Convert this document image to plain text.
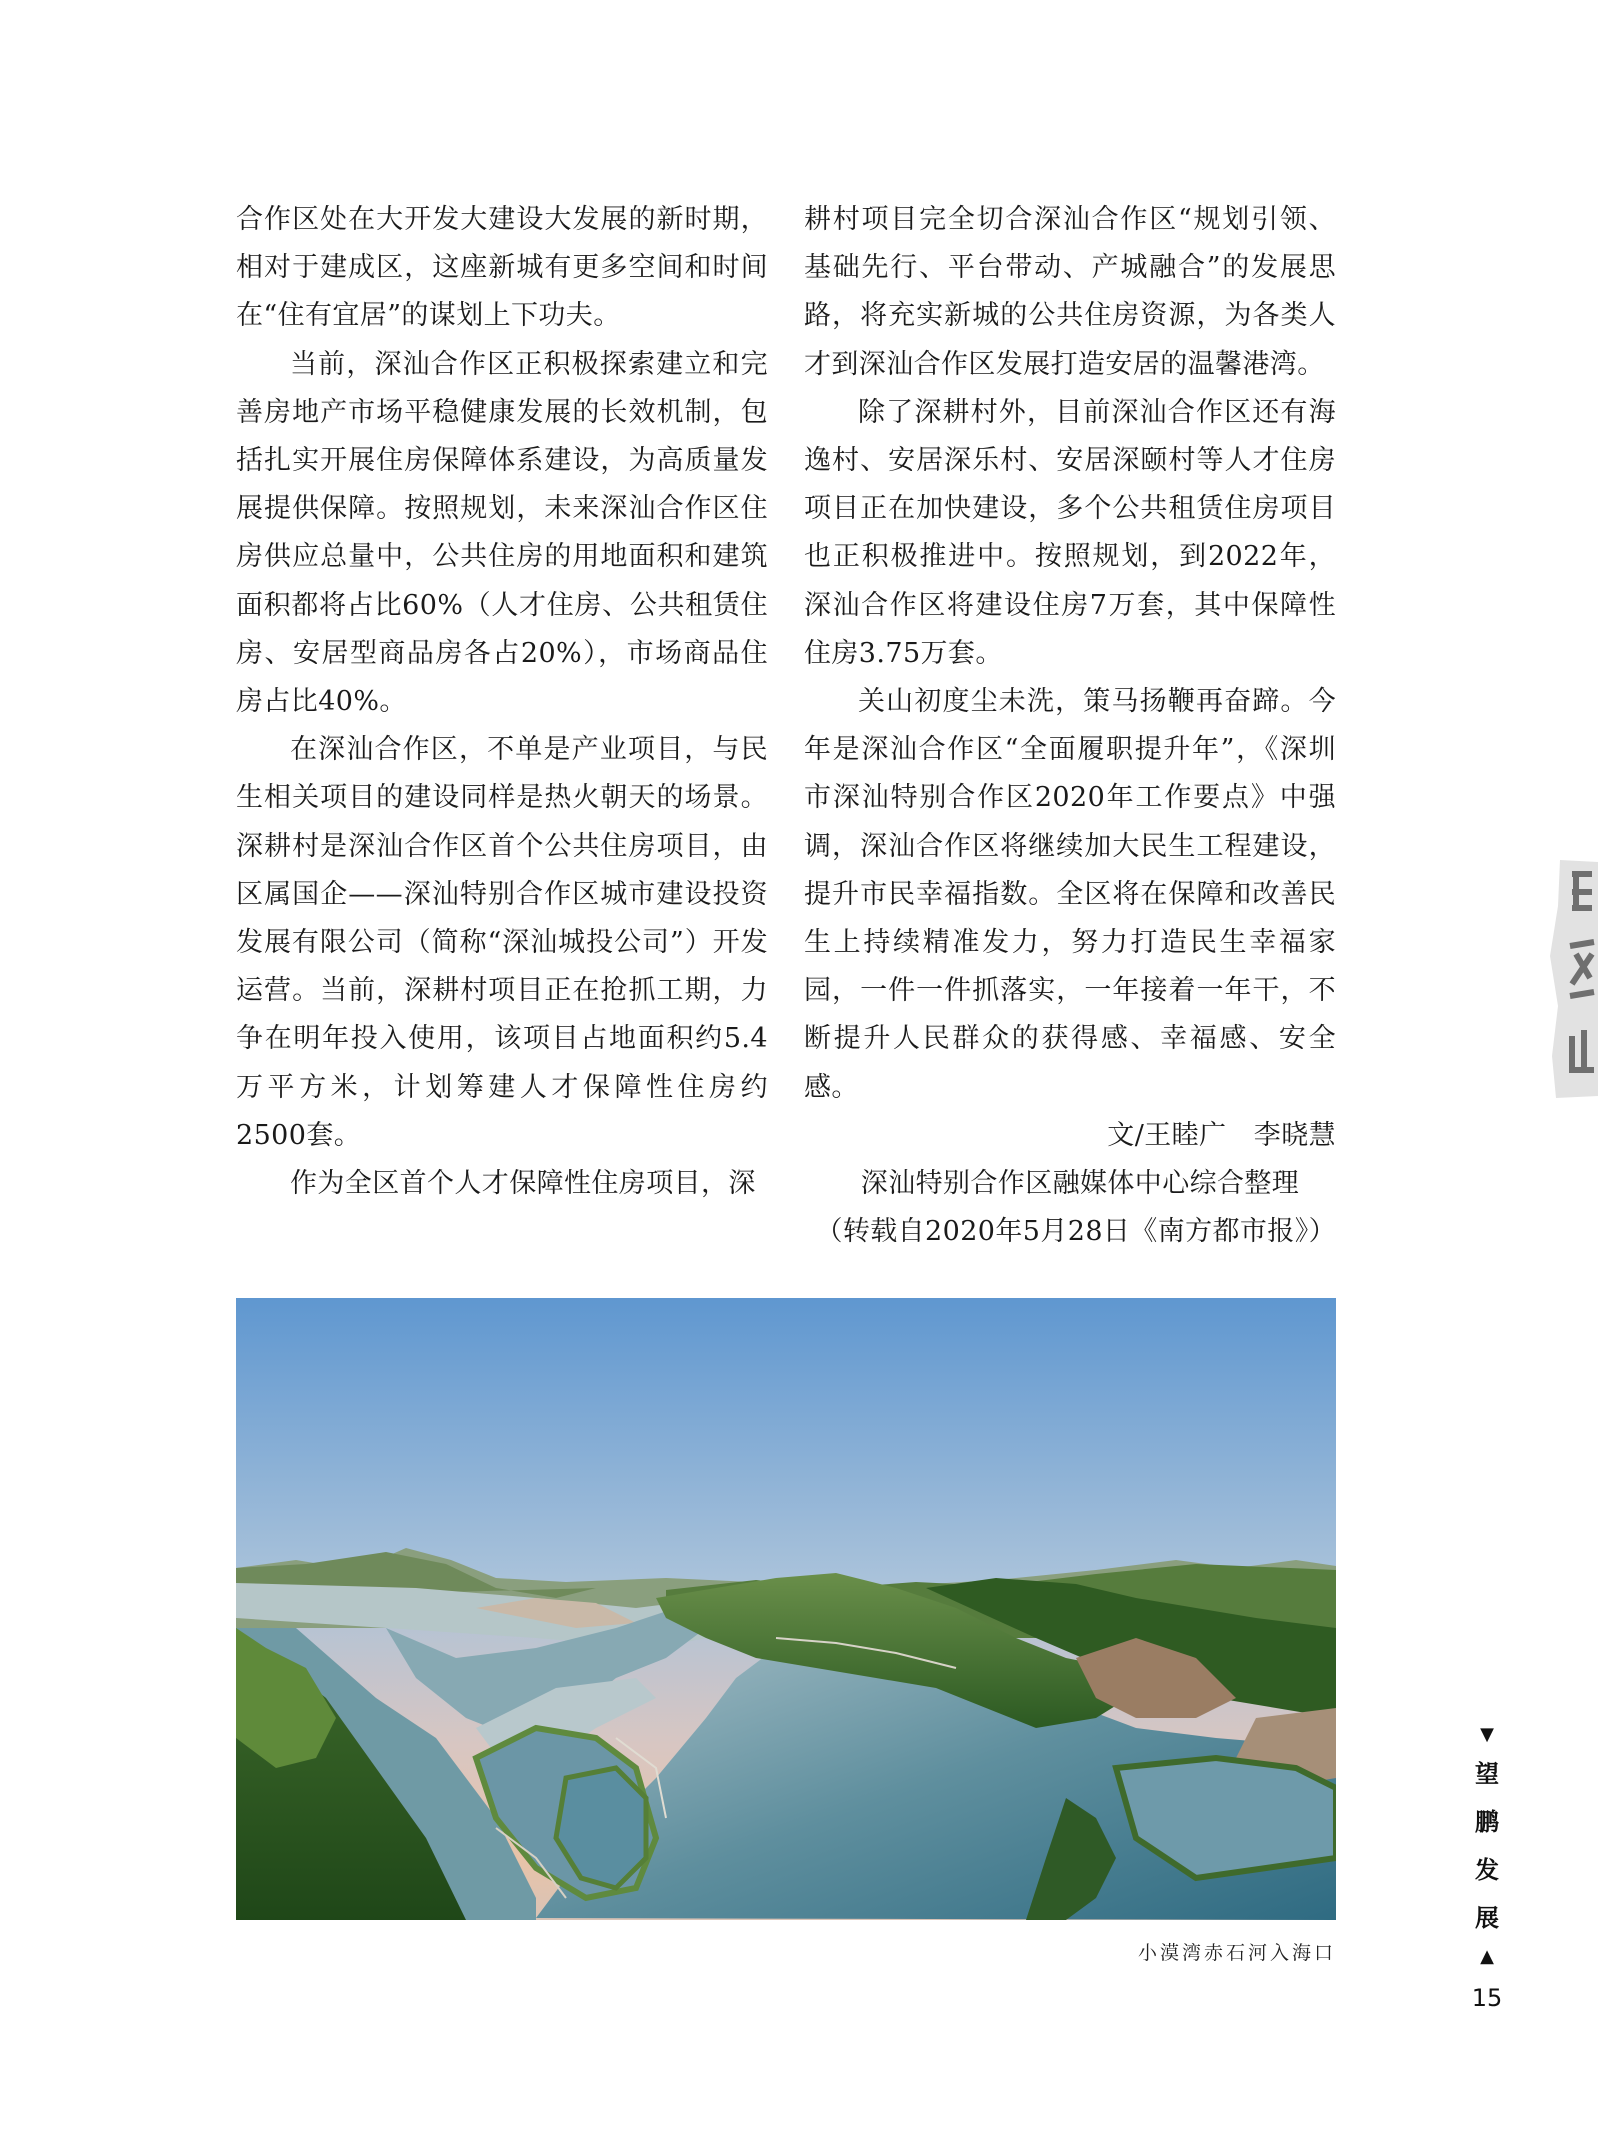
合作区处在大开发大建设大发展的新时期，相对于建成区，这座新城有更多空间和时间在“住有宜居”的谋划上下功夫。

当前，深汕合作区正积极探索建立和完善房地产市场平稳健康发展的长效机制，包括扎实开展住房保障体系建设，为高质量发展提供保障。按照规划，未来深汕合作区住房供应总量中，公共住房的用地面积和建筑面积都将占比60%（人才住房、公共租赁住房、安居型商品房各占20%），市场商品住房占比40%。

在深汕合作区，不单是产业项目，与民生相关项目的建设同样是热火朝天的场景。深耕村是深汕合作区首个公共住房项目，由区属国企——深汕特别合作区城市建设投资发展有限公司（简称“深汕城投公司”）开发运营。当前，深耕村项目正在抢抓工期，力争在明年投入使用，该项目占地面积约5.4万平方米，计划筹建人才保障性住房约2500套。

作为全区首个人才保障性住房项目，深

耕村项目完全切合深汕合作区“规划引领、基础先行、平台带动、产城融合”的发展思路，将充实新城的公共住房资源，为各类人才到深汕合作区发展打造安居的温馨港湾。

除了深耕村外，目前深汕合作区还有海逸村、安居深乐村、安居深颐村等人才住房项目正在加快建设，多个公共租赁住房项目也正积极推进中。按照规划，到2022年，深汕合作区将建设住房7万套，其中保障性住房3.75万套。

关山初度尘未洗，策马扬鞭再奋蹄。今年是深汕合作区“全面履职提升年”，《深圳市深汕特别合作区2020年工作要点》中强调，深汕合作区将继续加大民生工程建设，提升市民幸福指数。全区将在保障和改善民生上持续精准发力，努力打造民生幸福家园，一件一件抓落实，一年接着一年干，不断提升人民群众的获得感、幸福感、安全感。

文/王睦广　李晓慧

深汕特别合作区融媒体中心综合整理

（转载自2020年5月28日《南方都市报》）

小漠湾赤石河入海口
▼
望
鹏
发
展
▲
15
